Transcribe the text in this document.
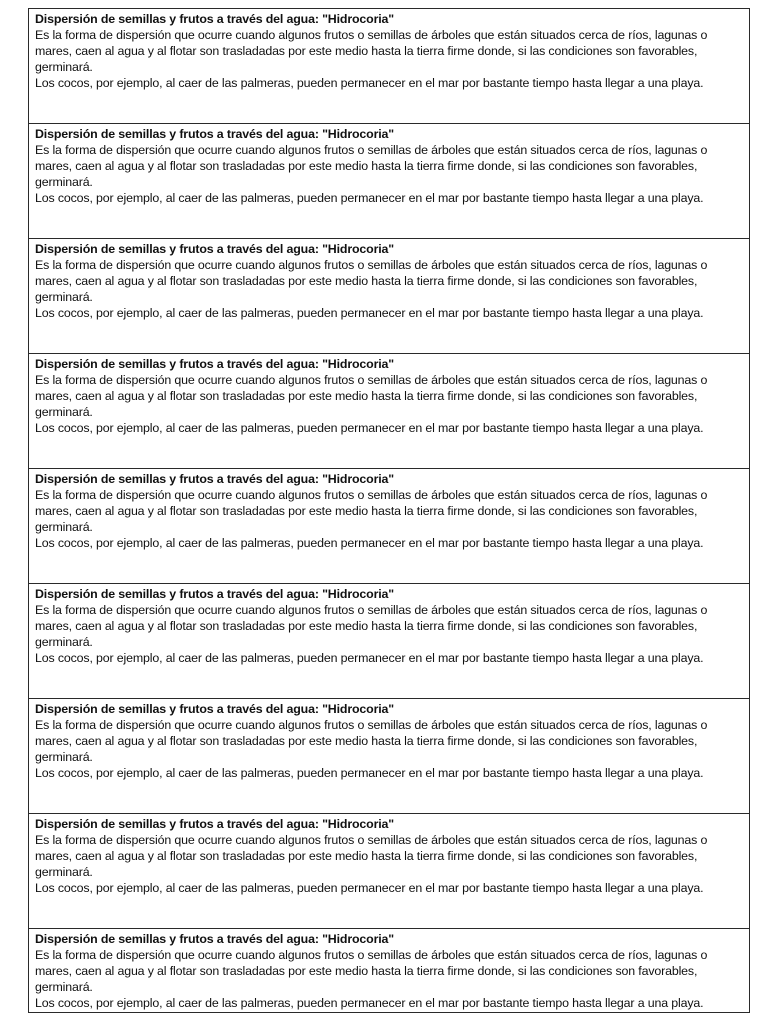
Dispersión de semillas y frutos a través del agua: "Hidrocoria"

Es la forma de dispersión que ocurre cuando algunos frutos o semillas de árboles que están situados cerca de ríos, lagunas o mares, caen al agua y al flotar son trasladadas por este medio hasta la tierra firme donde, si las condiciones son favorables, germinará.

Los cocos, por ejemplo, al caer de las palmeras, pueden permanecer en el mar por bastante tiempo hasta llegar a una playa.

Dispersión de semillas y frutos a través del agua: "Hidrocoria"

Es la forma de dispersión que ocurre cuando algunos frutos o semillas de árboles que están situados cerca de ríos, lagunas o mares, caen al agua y al flotar son trasladadas por este medio hasta la tierra firme donde, si las condiciones son favorables, germinará.

Los cocos, por ejemplo, al caer de las palmeras, pueden permanecer en el mar por bastante tiempo hasta llegar a una playa.

Dispersión de semillas y frutos a través del agua: "Hidrocoria"

Es la forma de dispersión que ocurre cuando algunos frutos o semillas de árboles que están situados cerca de ríos, lagunas o mares, caen al agua y al flotar son trasladadas por este medio hasta la tierra firme donde, si las condiciones son favorables, germinará.

Los cocos, por ejemplo, al caer de las palmeras, pueden permanecer en el mar por bastante tiempo hasta llegar a una playa.

Dispersión de semillas y frutos a través del agua: "Hidrocoria"

Es la forma de dispersión que ocurre cuando algunos frutos o semillas de árboles que están situados cerca de ríos, lagunas o mares, caen al agua y al flotar son trasladadas por este medio hasta la tierra firme donde, si las condiciones son favorables, germinará.

Los cocos, por ejemplo, al caer de las palmeras, pueden permanecer en el mar por bastante tiempo hasta llegar a una playa.

Dispersión de semillas y frutos a través del agua: "Hidrocoria"

Es la forma de dispersión que ocurre cuando algunos frutos o semillas de árboles que están situados cerca de ríos, lagunas o mares, caen al agua y al flotar son trasladadas por este medio hasta la tierra firme donde, si las condiciones son favorables, germinará.

Los cocos, por ejemplo, al caer de las palmeras, pueden permanecer en el mar por bastante tiempo hasta llegar a una playa.

Dispersión de semillas y frutos a través del agua: "Hidrocoria"

Es la forma de dispersión que ocurre cuando algunos frutos o semillas de árboles que están situados cerca de ríos, lagunas o mares, caen al agua y al flotar son trasladadas por este medio hasta la tierra firme donde, si las condiciones son favorables, germinará.

Los cocos, por ejemplo, al caer de las palmeras, pueden permanecer en el mar por bastante tiempo hasta llegar a una playa.

Dispersión de semillas y frutos a través del agua: "Hidrocoria"

Es la forma de dispersión que ocurre cuando algunos frutos o semillas de árboles que están situados cerca de ríos, lagunas o mares, caen al agua y al flotar son trasladadas por este medio hasta la tierra firme donde, si las condiciones son favorables, germinará.

Los cocos, por ejemplo, al caer de las palmeras, pueden permanecer en el mar por bastante tiempo hasta llegar a una playa.

Dispersión de semillas y frutos a través del agua: "Hidrocoria"

Es la forma de dispersión que ocurre cuando algunos frutos o semillas de árboles que están situados cerca de ríos, lagunas o mares, caen al agua y al flotar son trasladadas por este medio hasta la tierra firme donde, si las condiciones son favorables, germinará.

Los cocos, por ejemplo, al caer de las palmeras, pueden permanecer en el mar por bastante tiempo hasta llegar a una playa.

Dispersión de semillas y frutos a través del agua: "Hidrocoria"

Es la forma de dispersión que ocurre cuando algunos frutos o semillas de árboles que están situados cerca de ríos, lagunas o mares, caen al agua y al flotar son trasladadas por este medio hasta la tierra firme donde, si las condiciones son favorables, germinará.

Los cocos, por ejemplo, al caer de las palmeras, pueden permanecer en el mar por bastante tiempo hasta llegar a una playa.
